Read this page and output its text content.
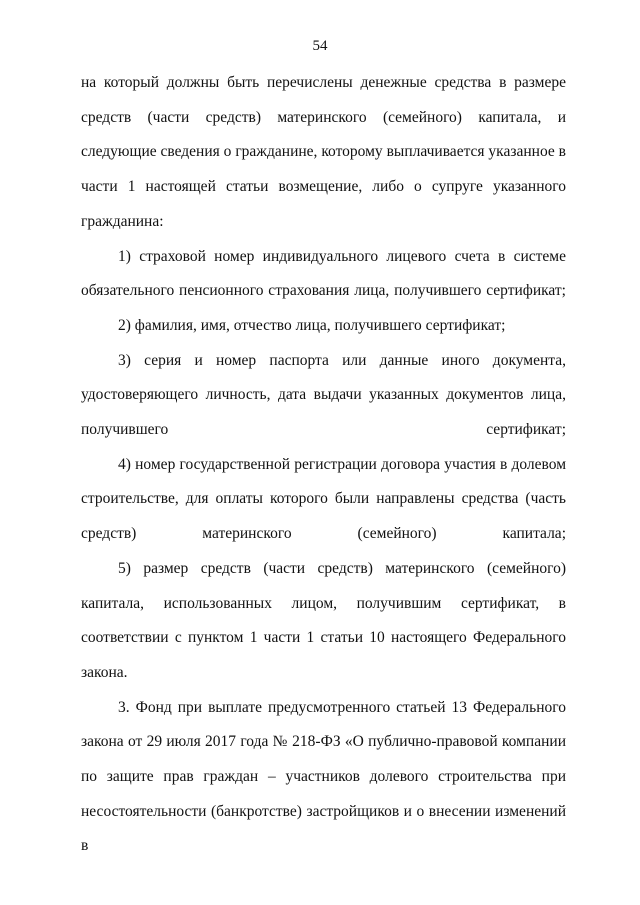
54

на который должны быть перечислены денежные средства в размере средств (части средств) материнского (семейного) капитала, и следующие сведения о гражданине, которому выплачивается указанное в части 1 настоящей статьи возмещение, либо о супруге указанного гражданина:

1) страховой номер индивидуального лицевого счета в системе обязательного пенсионного страхования лица, получившего сертификат;

2) фамилия, имя, отчество лица, получившего сертификат;

3) серия и номер паспорта или данные иного документа, удостоверяющего личность, дата выдачи указанных документов лица, получившего сертификат;

4) номер государственной регистрации договора участия в долевом строительстве, для оплаты которого были направлены средства (часть средств) материнского (семейного) капитала;

5) размер средств (части средств) материнского (семейного) капитала, использованных лицом, получившим сертификат, в соответствии с пунктом 1 части 1 статьи 10 настоящего Федерального закона.

3. Фонд при выплате предусмотренного статьей 13 Федерального закона от 29 июля 2017 года № 218-ФЗ «О публично-правовой компании по защите прав граждан – участников долевого строительства при несостоятельности (банкротстве) застройщиков и о внесении изменений в
